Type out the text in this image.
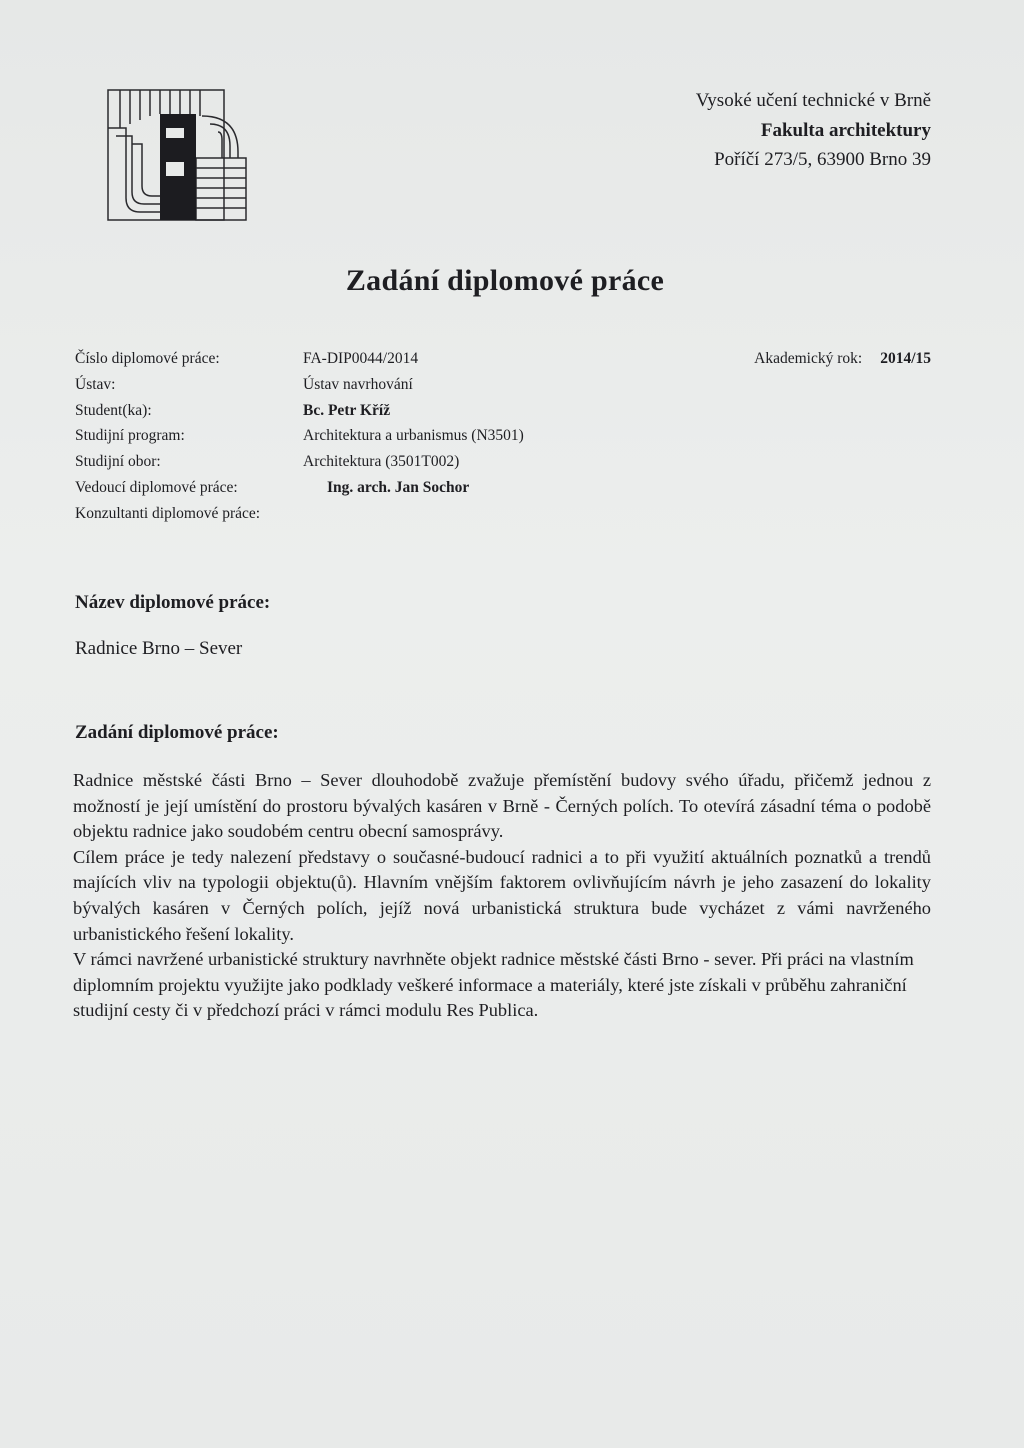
Vysoké učení technické v Brně
Fakulta architektury
Poříčí 273/5, 63900 Brno 39
Zadání diplomové práce
Číslo diplomové práce:	FA-DIP0044/2014
Ústav:	Ústav navrhování
Student(ka):	Bc. Petr Kříž
Studijní program:	Architektura a urbanismus (N3501)
Studijní obor:	Architektura (3501T002)
Vedoucí diplomové práce:	Ing. arch. Jan Sochor
Konzultanti diplomové práce:
Akademický rok: 2014/15
Název diplomové práce:
Radnice Brno – Sever
Zadání diplomové práce:

Radnice městské části Brno – Sever dlouhodobě zvažuje přemístění budovy svého úřadu, přičemž jednou z možností je její umístění do prostoru bývalých kasáren v Brně - Černých polích. To otevírá zásadní téma o podobě objektu radnice jako soudobém centru obecní samosprávy.

Cílem práce je tedy nalezení představy o současné-budoucí radnici a to při využití aktuálních poznatků a trendů majících vliv na typologii objektu(ů). Hlavním vnějším faktorem ovlivňujícím návrh je jeho zasazení do lokality bývalých kasáren v Černých polích, jejíž nová urbanistická struktura bude vycházet z vámi navrženého urbanistického řešení lokality.

V rámci navržené urbanistické struktury navrhněte objekt radnice městské části Brno - sever. Při práci na vlastním diplomním projektu využijte jako podklady veškeré informace a materiály, které jste získali v průběhu zahraniční studijní cesty či v předchozí práci v rámci modulu Res Publica.
